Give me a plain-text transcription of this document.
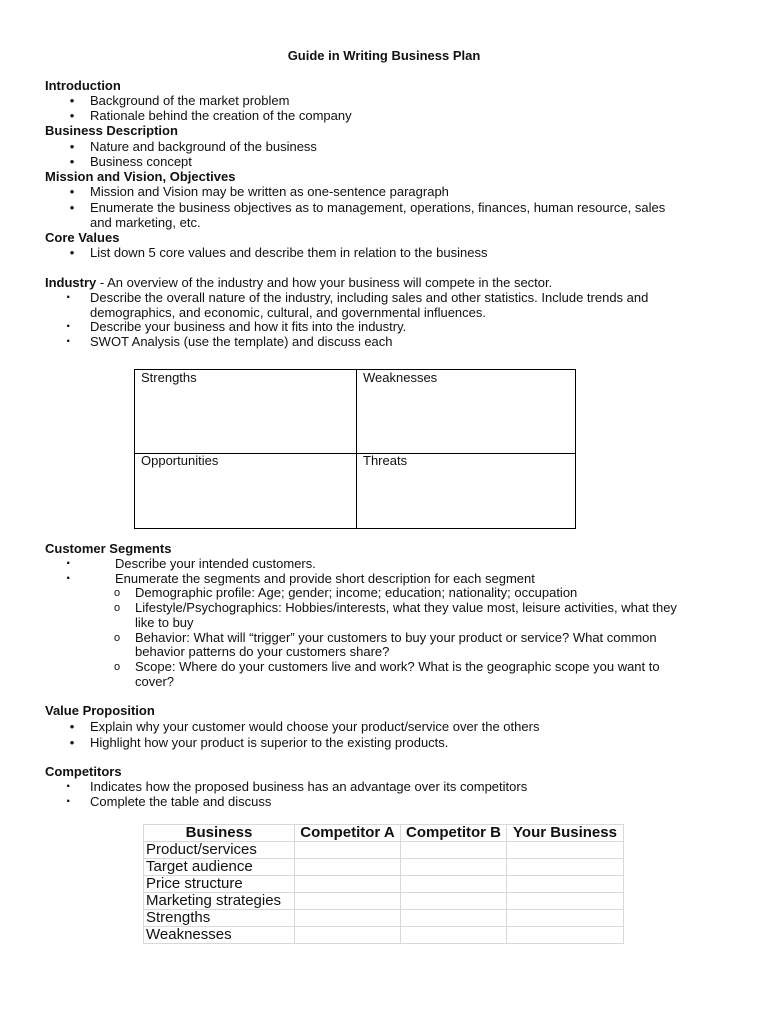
Guide in Writing Business Plan
Introduction
•
Background of the market problem
•
Rationale behind the creation of the company
Business Description
•
Nature and background of the business
•
Business concept
Mission and Vision, Objectives
•
Mission and Vision may be written as one-sentence paragraph
•
Enumerate the business objectives as to management, operations, finances, human resource, sales
and marketing, etc.
Core Values
•
List down 5 core values and describe them in relation to the business
Industry - An overview of the industry and how your business will compete in the sector.
·
Describe the overall nature of the industry, including sales and other statistics. Include trends and
demographics, and economic, cultural, and governmental influences.
·
Describe your business and how it fits into the industry.
·
SWOT Analysis (use the template) and discuss each
Strengths	Weaknesses
Opportunities	Threats
Customer Segments
·
Describe your intended customers.
·
Enumerate the segments and provide short description for each segment
o Demographic profile: Age; gender; income; education; nationality; occupation
o Lifestyle/Psychographics: Hobbies/interests, what they value most, leisure activities, what they
like to buy
o Behavior: What will “trigger” your customers to buy your product or service? What common
behavior patterns do your customers share?
o Scope: Where do your customers live and work? What is the geographic scope you want to
cover?
Value Proposition
•
Explain why your customer would choose your product/service over the others
•
Highlight how your product is superior to the existing products.
Competitors
·
Indicates how the proposed business has an advantage over its competitors
·
Complete the table and discuss
Business	Competitor A	Competitor B	Your Business
Product/services			
Target audience			
Price structure			
Marketing strategies			
Strengths			
Weaknesses			
